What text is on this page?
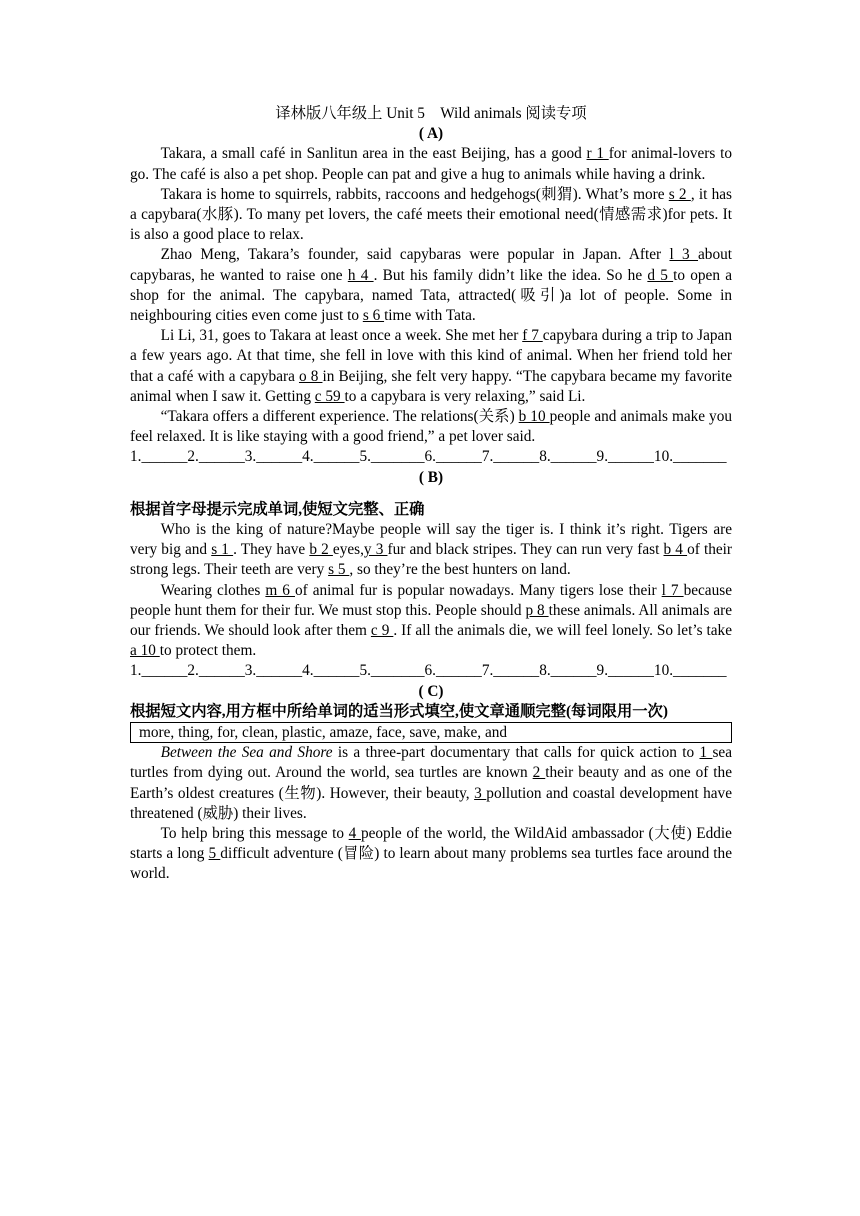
译林版八年级上 Unit 5　Wild animals 阅读专项
( A)

Takara, a small café in Sanlitun area in the east Beijing, has a good r 1 for animal-lovers to go. The café is also a pet shop. People can pat and give a hug to animals while having a drink.

Takara is home to squirrels, rabbits, raccoons and hedgehogs(刺猬). What’s more s 2 , it has a capybara(水豚). To many pet lovers, the café meets their emotional need(情感需求)for pets. It is also a good place to relax.

Zhao Meng, Takara’s founder, said capybaras were popular in Japan. After l 3 about capybaras, he wanted to raise one h 4 . But his family didn’t like the idea. So he d 5 to open a shop for the animal. The capybara, named Tata, attracted(吸引)a lot of people. Some in neighbouring cities even come just to s 6 time with Tata.

Li Li, 31, goes to Takara at least once a week. She met her f 7 capybara during a trip to Japan a few years ago. At that time, she fell in love with this kind of animal. When her friend told her that a café with a capybara o 8 in Beijing, she felt very happy. “The capybara became my favorite animal when I saw it. Getting c 59 to a capybara is very relaxing,” said Li.

“Takara offers a different experience. The relations(关系) b 10 people and animals make you feel relaxed. It is like staying with a good friend,” a pet lover said.

1.______2.______3.______4.______5._______6.______7.______8.______9.______10._______

( B)

根据首字母提示完成单词,使短文完整、正确

Who is the king of nature?Maybe people will say the tiger is. I think it’s right. Tigers are very big and s 1 . They have b 2 eyes,y 3 fur and black stripes. They can run very fast b 4 of their strong legs. Their teeth are very s 5 , so they’re the best hunters on land.

Wearing clothes m 6 of animal fur is popular nowadays. Many tigers lose their l 7 because people hunt them for their fur. We must stop this. People should p 8 these animals. All animals are our friends. We should look after them c 9 . If all the animals die, we will feel lonely. So let’s take a 10 to protect them.

1.______2.______3.______4.______5._______6.______7.______8.______9.______10._______

( C)

根据短文内容,用方框中所给单词的适当形式填空,使文章通顺完整(每词限用一次)

more, thing, for, clean, plastic, amaze, face, save, make, and

Between the Sea and Shore is a three-part documentary that calls for quick action to 1 sea turtles from dying out. Around the world, sea turtles are known 2 their beauty and as one of the Earth’s oldest creatures (生物). However, their beauty, 3 pollution and coastal development have threatened (威胁) their lives.

To help bring this message to 4 people of the world, the WildAid ambassador (大使) Eddie starts a long 5 difficult adventure (冒险) to learn about many problems sea turtles face around the world.
